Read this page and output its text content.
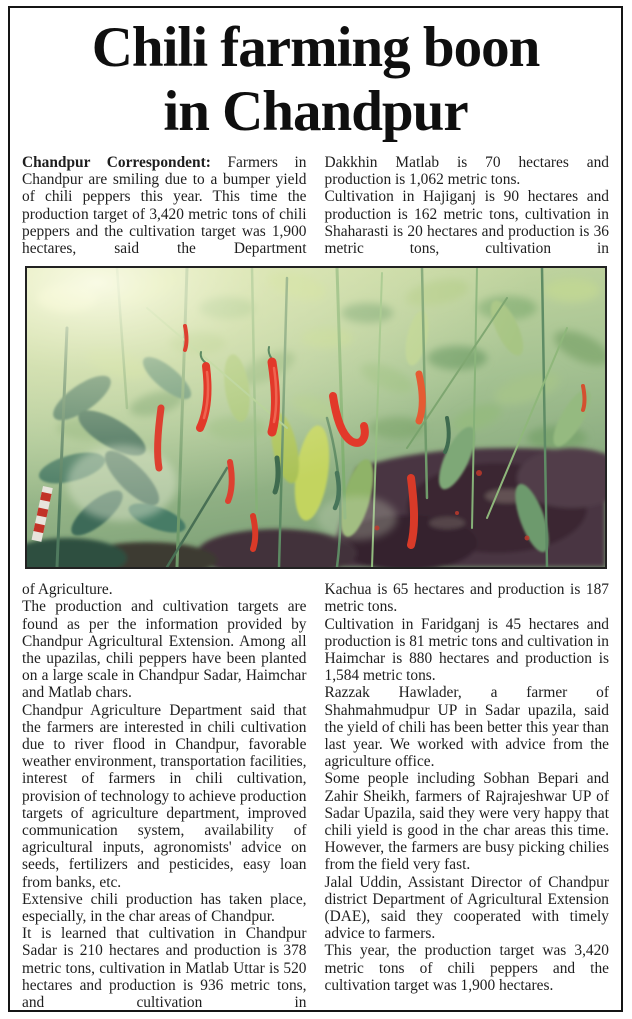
Chili farming boon
in Chandpur

Chandpur Correspondent: Farmers in Chandpur are smiling due to a bumper yield of chili peppers this year. This time the production target of 3,420 metric tons of chili peppers and the cultivation target was 1,900 hectares, said the Department

Dakkhin Matlab is 70 hectares and production is 1,062 metric tons.

Cultivation in Hajiganj is 90 hectares and production is 162 metric tons, cultivation in Shaharasti is 20 hectares and production is 36 metric tons, cultivation in

of Agriculture.

The production and cultivation targets are found as per the information provided by Chandpur Agricultural Extension. Among all the upazilas, chili peppers have been planted on a large scale in Chandpur Sadar, Haimchar and Matlab chars.

Chandpur Agriculture Department said that the farmers are interested in chili cultivation due to river flood in Chandpur, favorable weather environment, transportation facilities, interest of farmers in chili cultivation, provision of technology to achieve production targets of agriculture department, improved communication system, availability of agricultural inputs, agronomists' advice on seeds, fertilizers and pesticides, easy loan from banks, etc.

Extensive chili production has taken place, especially, in the char areas of Chandpur.

It is learned that cultivation in Chandpur Sadar is 210 hectares and production is 378 metric tons, cultivation in Matlab Uttar is 520 hectares and production is 936 metric tons, and cultivation in

Kachua is 65 hectares and production is 187 metric tons.

Cultivation in Faridganj is 45 hectares and production is 81 metric tons and cultivation in Haimchar is 880 hectares and production is 1,584 metric tons.

Razzak Hawlader, a farmer of Shahmahmudpur UP in Sadar upazila, said the yield of chili has been better this year than last year. We worked with advice from the agriculture office.

Some people including Sobhan Bepari and Zahir Sheikh, farmers of Rajrajeshwar UP of Sadar Upazila, said they were very happy that chili yield is good in the char areas this time. However, the farmers are busy picking chilies from the field very fast.

Jalal Uddin, Assistant Director of Chandpur district Department of Agricultural Extension (DAE), said they cooperated with timely advice to farmers.

This year, the production target was 3,420 metric tons of chili peppers and the cultivation target was 1,900 hectares.
